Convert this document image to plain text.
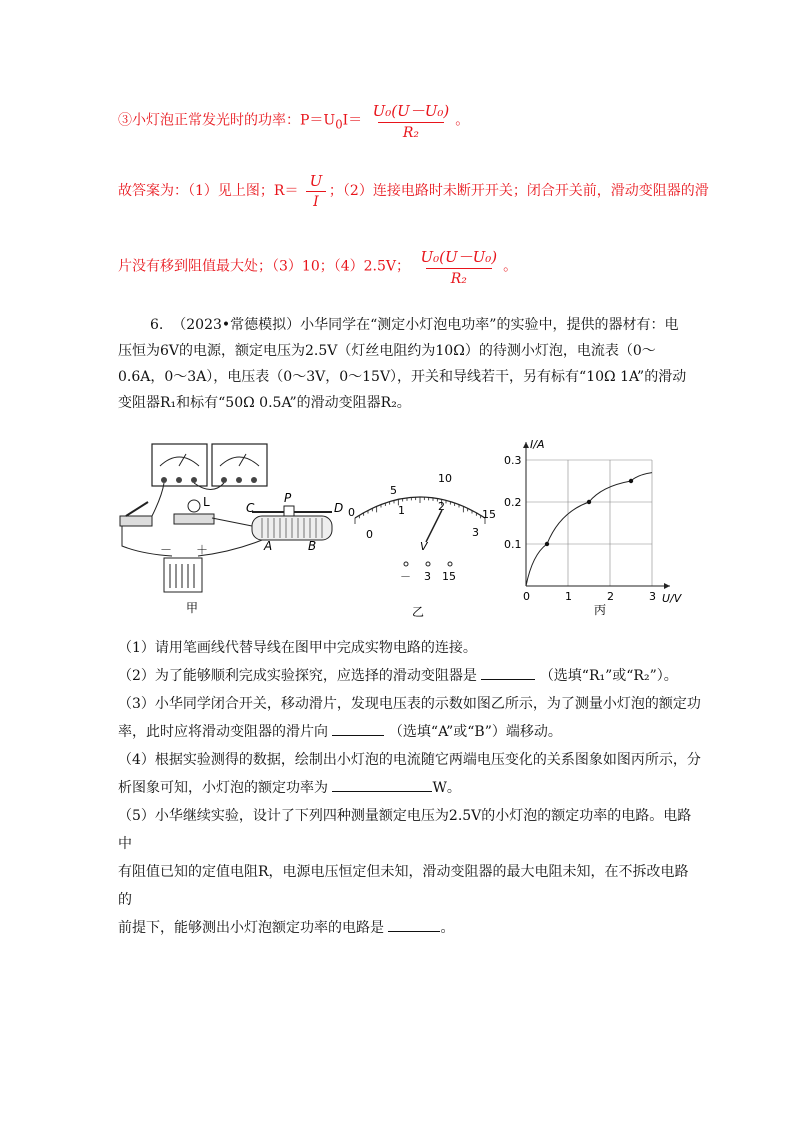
③小灯泡正常发光时的功率：$P=U_0I= \frac{\text{U₀(U－U₀)}}{\text{R₂}}$ 。
故答案为：（1）见上图；$R= \frac{U}{I}$ ；（2）连接电路时未断开开关；闭合开关前，滑动变阻器的滑
片没有移到阻值最大处；（3）10；（4）2.5V； $\frac{\text{U₀(U－U₀)}}{\text{R₂}}$ 。
6. （2023•常德模拟）小华同学在“测定小灯泡电功率”的实验中，提供的器材有：电
压恒为6V的电源，额定电压为2.5V（灯丝电阻约为10Ω）的待测小灯泡，电流表（0～
0.6A，0～3A），电压表（0～3V，0～15V），开关和导线若干，另有标有“10Ω 1A”的滑动
变阻器R₁和标有“50Ω 0.5A”的滑动变阻器R₂。
L	P
C	D
A	B
－ ＋
甲
0
5
10
15
0
1	2
3
V
－ 3 15
乙
I/A
U/V
0	1	2	3
0.1
0.2
0.3
丙
（1）请用笔画线代替导线在图甲中完成实物电路的连接。
（2）为了能够顺利完成实验探究，应选择的滑动变阻器是	（选填“R₁”或“R₂”）。
（3）小华同学闭合开关，移动滑片，发现电压表的示数如图乙所示，为了测量小灯泡的额定功
率，此时应将滑动变阻器的滑片向	（选填“A”或“B”）端移动。
（4）根据实验测得的数据，绘制出小灯泡的电流随它两端电压变化的关系图象如图丙所示，分
析图象可知，小灯泡的额定功率为	W。
（5）小华继续实验，设计了下列四种测量额定电压为2.5V的小灯泡的额定功率的电路。电路中
有阻值已知的定值电阻R，电源电压恒定但未知，滑动变阻器的最大电阻未知，在不拆改电路的
前提下，能够测出小灯泡额定功率的电路是	。
